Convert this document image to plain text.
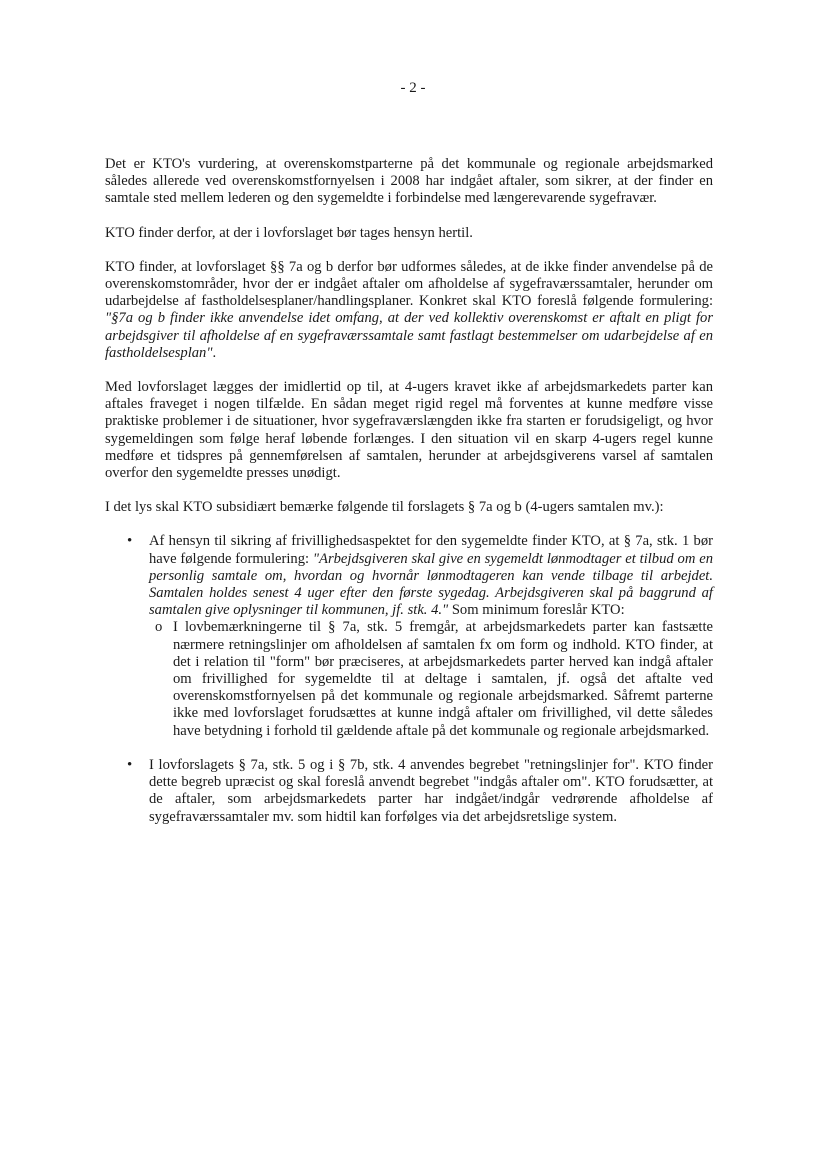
- 2 -

Det er KTO's vurdering, at overenskomstparterne på det kommunale og regionale arbejdsmarked således allerede ved overenskomstfornyelsen i 2008 har indgået aftaler, som sikrer, at der finder en samtale sted mellem lederen og den sygemeldte i forbindelse med længerevarende sygefravær.

KTO finder derfor, at der i lovforslaget bør tages hensyn hertil.

KTO finder, at lovforslaget §§ 7a og b derfor bør udformes således, at de ikke finder anvendelse på de overenskomstområder, hvor der er indgået aftaler om afholdelse af sygefraværssamtaler, herunder om udarbejdelse af fastholdelsesplaner/handlingsplaner. Konkret skal KTO foreslå følgende formulering: "§7a og b finder ikke anvendelse idet omfang, at der ved kollektiv overenskomst er aftalt en pligt for arbejdsgiver til afholdelse af en sygefraværssamtale samt fastlagt bestemmelser om udarbejdelse af en fastholdelsesplan".

Med lovforslaget lægges der imidlertid op til, at 4-ugers kravet ikke af arbejdsmarkedets parter kan aftales fraveget i nogen tilfælde. En sådan meget rigid regel må forventes at kunne medføre visse praktiske problemer i de situationer, hvor sygefraværslængden ikke fra starten er forudsigeligt, og hvor sygemeldingen som følge heraf løbende forlænges. I den situation vil en skarp 4-ugers regel kunne medføre et tidspres på gennemførelsen af samtalen, herunder at arbejdsgiverens varsel af samtalen overfor den sygemeldte presses unødigt.

I det lys skal KTO subsidiært bemærke følgende til forslagets § 7a og b (4-ugers samtalen mv.):

• Af hensyn til sikring af frivillighedsaspektet for den sygemeldte finder KTO, at § 7a, stk. 1 bør have følgende formulering: "Arbejdsgiveren skal give en sygemeldt lønmodtager et tilbud om en personlig samtale om, hvordan og hvornår lønmodtageren kan vende tilbage til arbejdet. Samtalen holdes senest 4 uger efter den første sygedag. Arbejdsgiveren skal på baggrund af samtalen give oplysninger til kommunen, jf. stk. 4." Som minimum foreslår KTO:
o I lovbemærkningerne til § 7a, stk. 5 fremgår, at arbejdsmarkedets parter kan fastsætte nærmere retningslinjer om afholdelsen af samtalen fx om form og indhold. KTO finder, at det i relation til "form" bør præciseres, at arbejdsmarkedets parter herved kan indgå aftaler om frivillighed for sygemeldte til at deltage i samtalen, jf. også det aftalte ved overenskomstfornyelsen på det kommunale og regionale arbejdsmarked. Såfremt parterne ikke med lovforslaget forudsættes at kunne indgå aftaler om frivillighed, vil dette således have betydning i forhold til gældende aftale på det kommunale og regionale arbejdsmarked.
• I lovforslagets § 7a, stk. 5 og i § 7b, stk. 4 anvendes begrebet "retningslinjer for". KTO finder dette begreb upræcist og skal foreslå anvendt begrebet "indgås aftaler om". KTO forudsætter, at de aftaler, som arbejdsmarkedets parter har indgået/indgår vedrørende afholdelse af sygefraværssamtaler mv. som hidtil kan forfølges via det arbejdsretslige system.
